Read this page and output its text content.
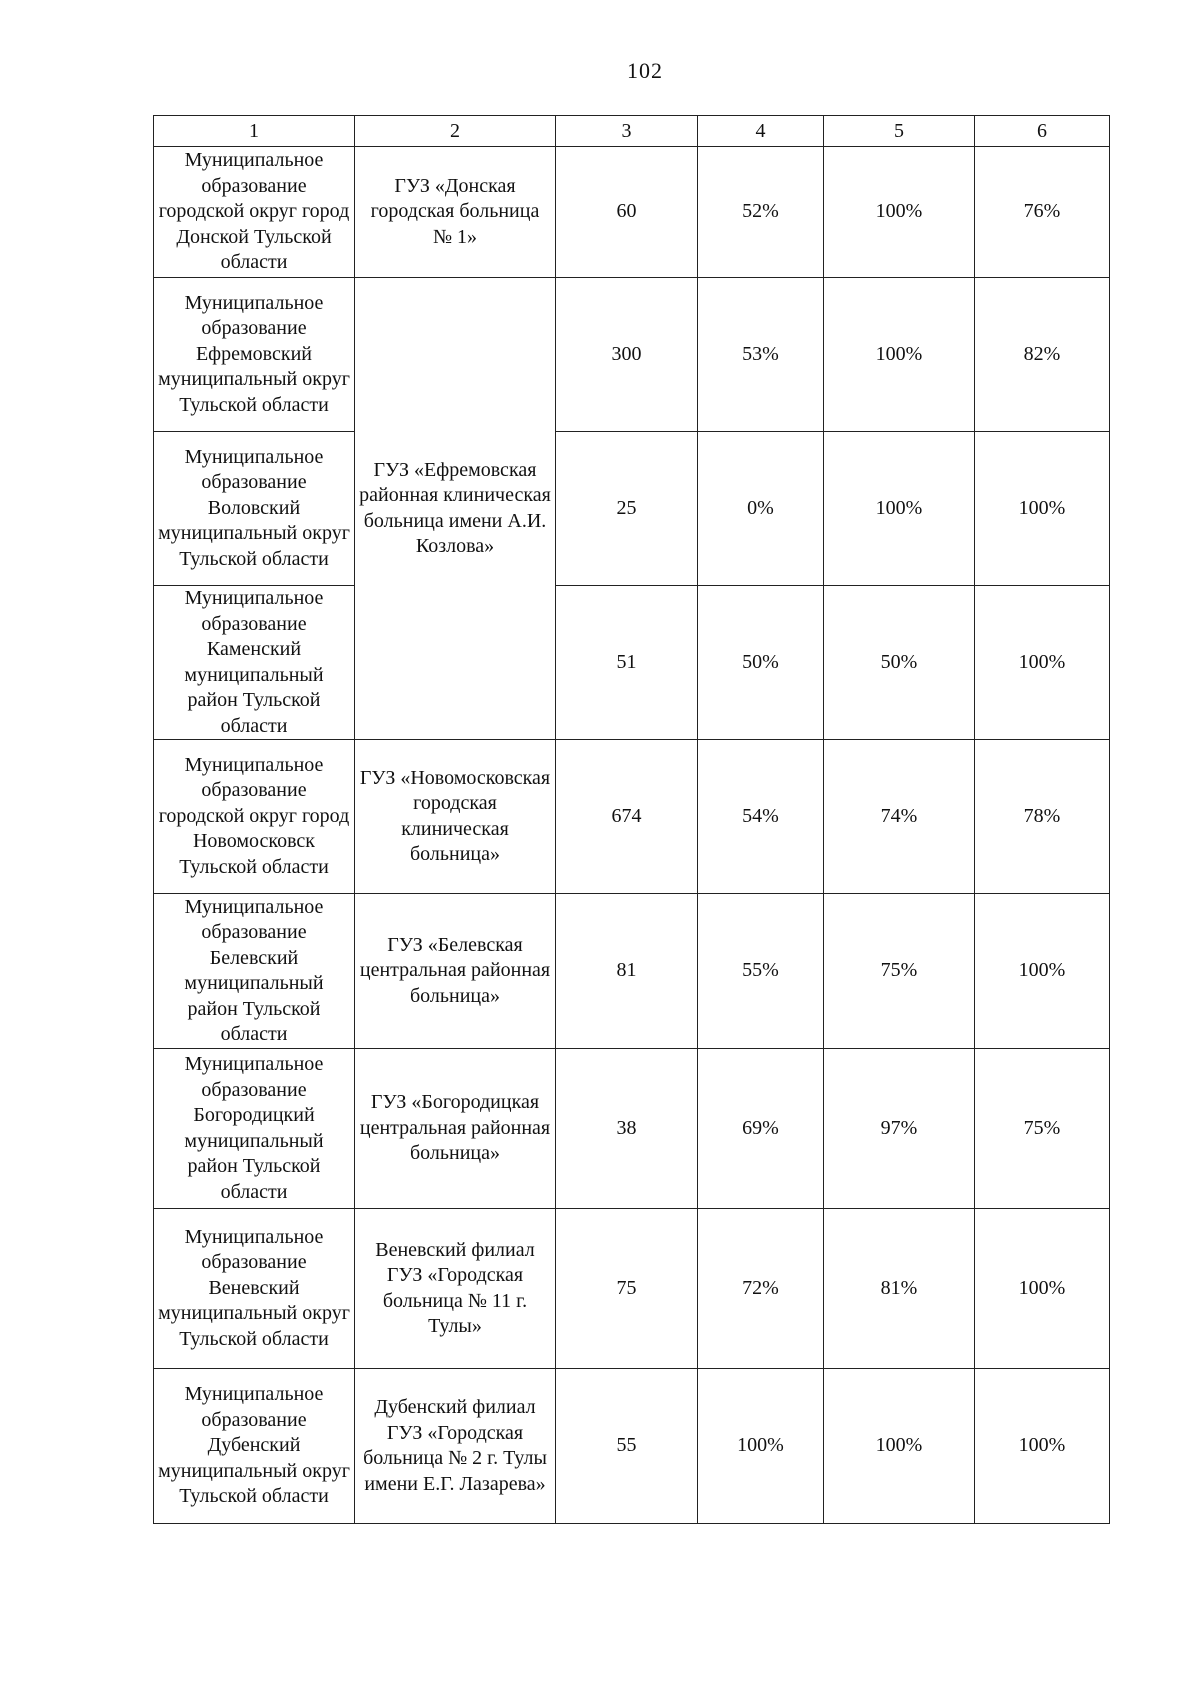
102
1	2	3	4	5	6
Муниципальное образование городской округ город Донской Тульской области	ГУЗ «Донская городская больница № 1»	60	52%	100%	76%
Муниципальное образование Ефремовский муниципальный округ Тульской области	ГУЗ «Ефремовская районная клиническая больница имени А.И. Козлова»	300	53%	100%	82%
Муниципальное образование Воловский муниципальный округ Тульской области		25	0%	100%	100%
Муниципальное образование Каменский муниципальный район Тульской области		51	50%	50%	100%
Муниципальное образование городской округ город Новомосковск Тульской области	ГУЗ «Новомосковская городская клиническая больница»	674	54%	74%	78%
Муниципальное образование Белевский муниципальный район Тульской области	ГУЗ «Белевская центральная районная больница»	81	55%	75%	100%
Муниципальное образование Богородицкий муниципальный район Тульской области	ГУЗ «Богородицкая центральная районная больница»	38	69%	97%	75%
Муниципальное образование Веневский муниципальный округ Тульской области	Веневский филиал ГУЗ «Городская больница № 11 г. Тулы»	75	72%	81%	100%
Муниципальное образование Дубенский муниципальный округ Тульской области	Дубенский филиал ГУЗ «Городская больница № 2 г. Тулы имени Е.Г. Лазарева»	55	100%	100%	100%
